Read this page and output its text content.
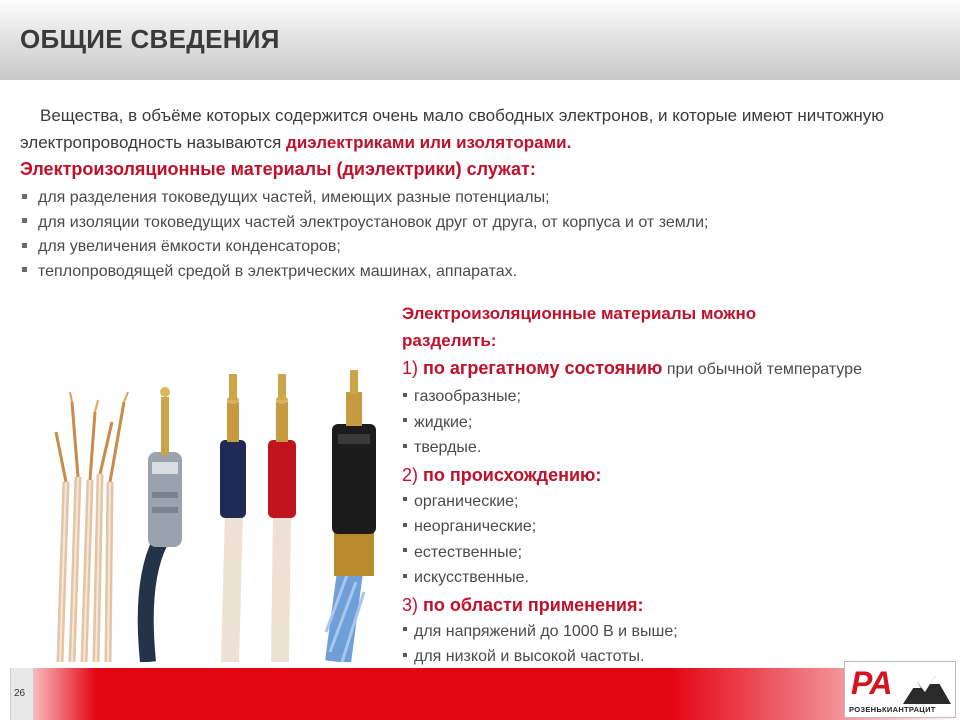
ОБЩИЕ СВЕДЕНИЯ
Вещества, в объёме которых содержится очень мало свободных электронов, и которые имеют ничтожную электропроводность называются диэлектриками или изоляторами.
Электроизоляционные материалы (диэлектрики) служат:
для разделения токоведущих частей, имеющих разные потенциалы;
для изоляции токоведущих частей электроустановок друг от друга, от корпуса и от земли;
для увеличения ёмкости конденсаторов;
теплопроводящей средой в электрических машинах, аппаратах.
Электроизоляционные материалы можно
разделить:
1) по агрегатному состоянию при обычной температуре
газообразные;
жидкие;
твердые.
2) по происхождению:
органические;
неорганические;
естественные;
искусственные.
3) по области применения:
для напряжений до 1000 В и выше;
для низкой и высокой частоты.
26	РА
РОЗЕНЬКИАНТРАЦИТ
